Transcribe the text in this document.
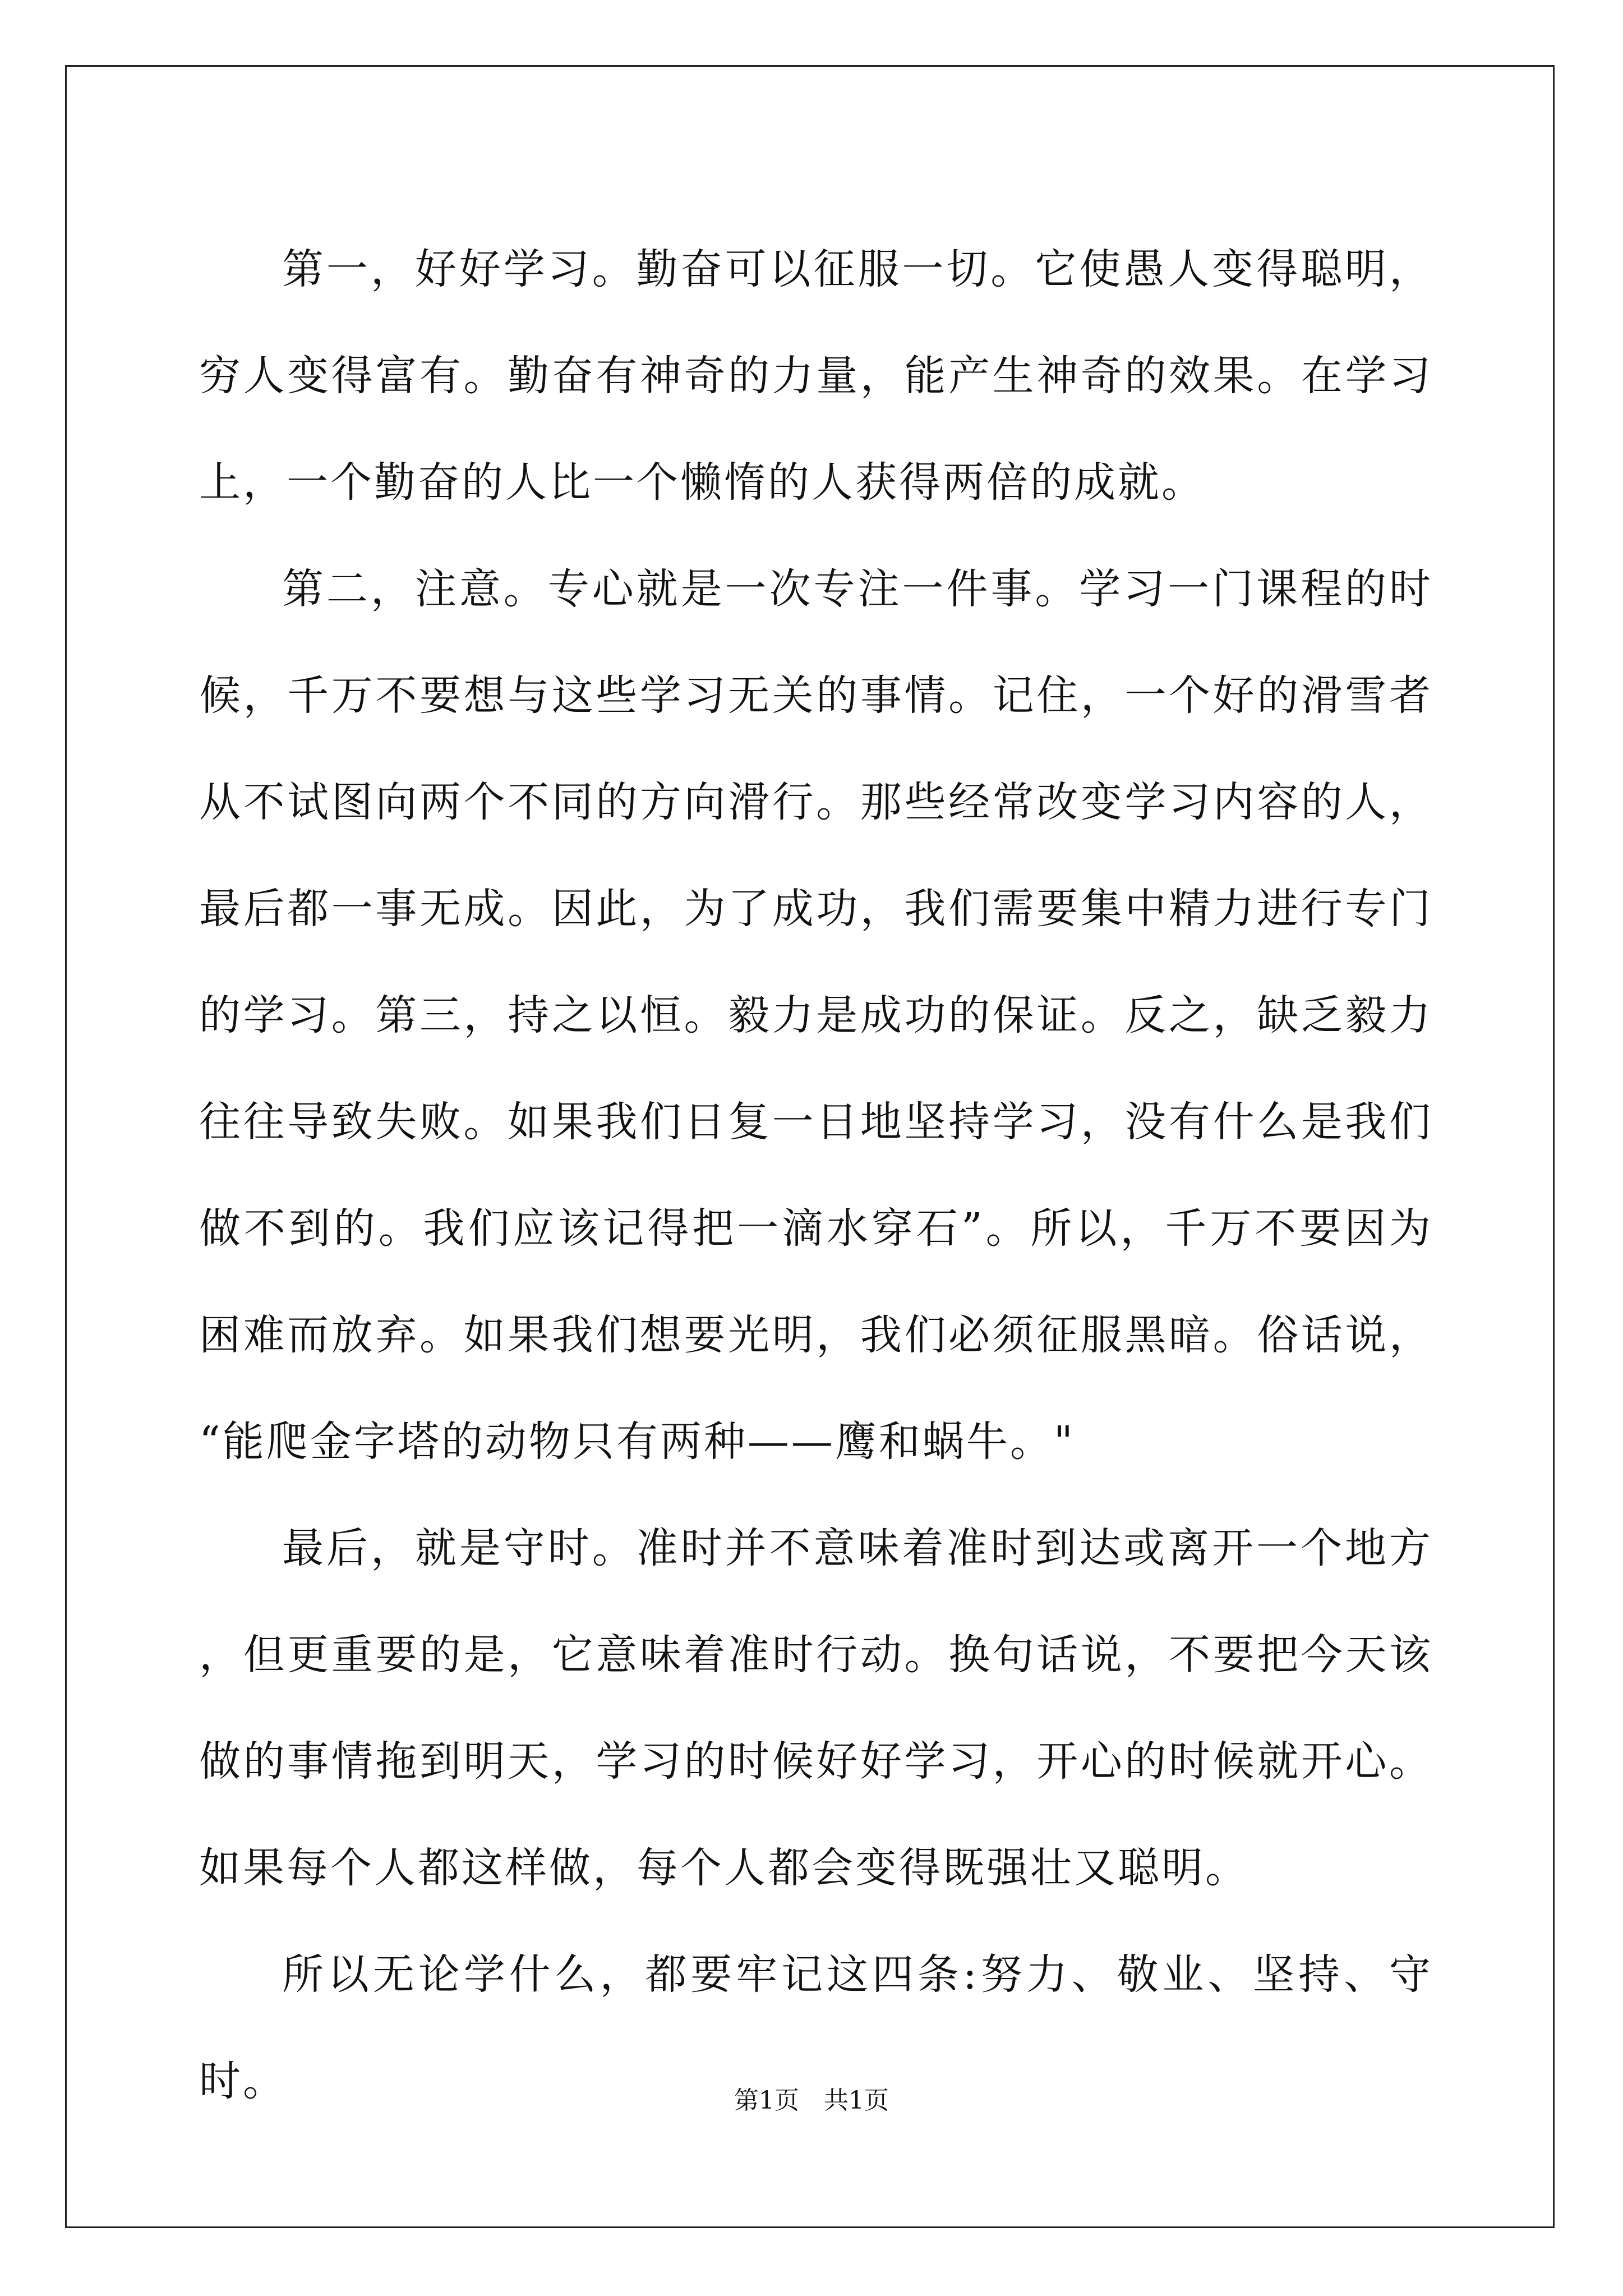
第一，好好学习。勤奋可以征服一切。它使愚人变得聪明，穷人变得富有。勤奋有神奇的力量，能产生神奇的效果。在学习上，一个勤奋的人比一个懒惰的人获得两倍的成就。

第二，注意。专心就是一次专注一件事。学习一门课程的时候，千万不要想与这些学习无关的事情。记住，一个好的滑雪者从不试图向两个不同的方向滑行。那些经常改变学习内容的人，最后都一事无成。因此，为了成功，我们需要集中精力进行专门的学习。第三，持之以恒。毅力是成功的保证。反之，缺乏毅力往往导致失败。如果我们日复一日地坚持学习，没有什么是我们做不到的。我们应该记得把一滴水穿石”。所以，千万不要因为困难而放弃。如果我们想要光明，我们必须征服黑暗。俗话说，“能爬金字塔的动物只有两种——鹰和蜗牛。"

最后，就是守时。准时并不意味着准时到达或离开一个地方，但更重要的是，它意味着准时行动。换句话说，不要把今天该做的事情拖到明天，学习的时候好好学习，开心的时候就开心。如果每个人都这样做，每个人都会变得既强壮又聪明。

所以无论学什么，都要牢记这四条:努力、敬业、坚持、守时。	第1页 共1页
